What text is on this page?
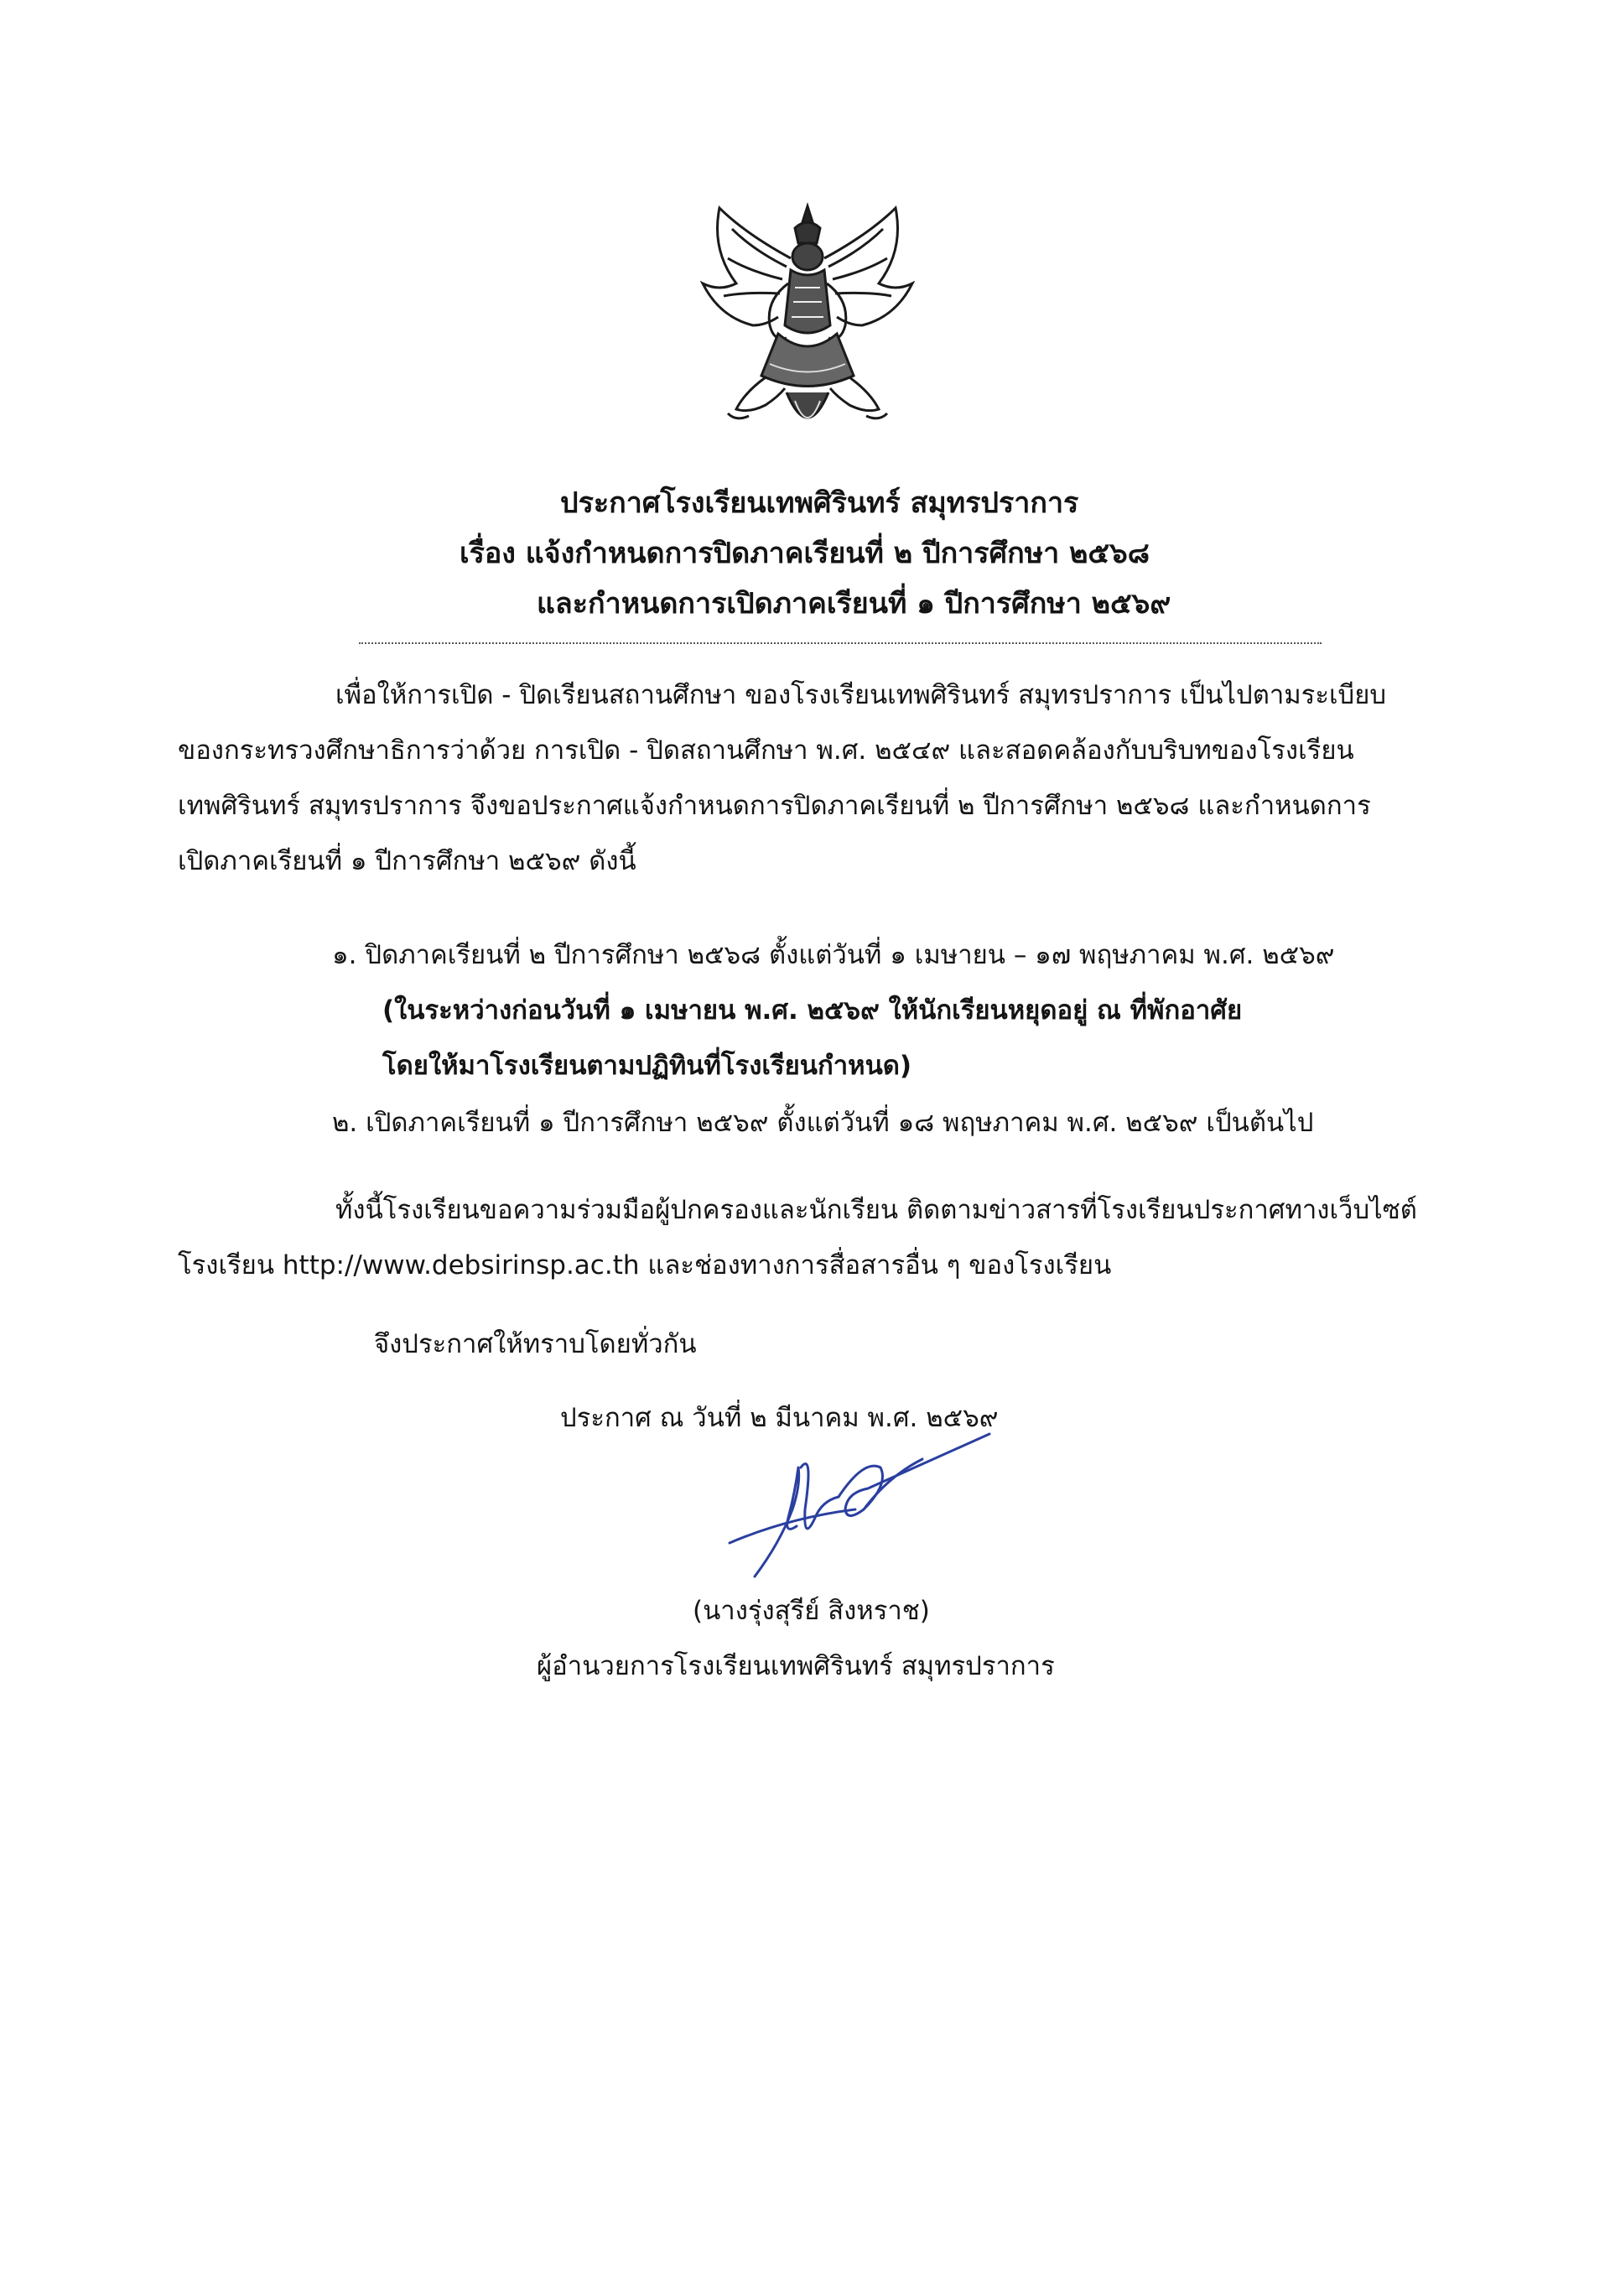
ประกาศโรงเรียนเทพศิรินทร์ สมุทรปราการ
เรื่อง แจ้งกำหนดการปิดภาคเรียนที่ ๒ ปีการศึกษา ๒๕๖๘
และกำหนดการเปิดภาคเรียนที่ ๑ ปีการศึกษา ๒๕๖๙
เพื่อให้การเปิด - ปิดเรียนสถานศึกษา ของโรงเรียนเทพศิรินทร์ สมุทรปราการ เป็นไปตามระเบียบ
ของกระทรวงศึกษาธิการว่าด้วย การเปิด - ปิดสถานศึกษา พ.ศ. ๒๕๔๙ และสอดคล้องกับบริบทของโรงเรียน
เทพศิรินทร์ สมุทรปราการ จึงขอประกาศแจ้งกำหนดการปิดภาคเรียนที่ ๒ ปีการศึกษา ๒๕๖๘ และกำหนดการ
เปิดภาคเรียนที่ ๑ ปีการศึกษา ๒๕๖๙ ดังนี้
๑. ปิดภาคเรียนที่ ๒ ปีการศึกษา ๒๕๖๘ ตั้งแต่วันที่ ๑ เมษายน – ๑๗ พฤษภาคม พ.ศ. ๒๕๖๙
(ในระหว่างก่อนวันที่ ๑ เมษายน พ.ศ. ๒๕๖๙ ให้นักเรียนหยุดอยู่ ณ ที่พักอาศัย
โดยให้มาโรงเรียนตามปฏิทินที่โรงเรียนกำหนด)
๒. เปิดภาคเรียนที่ ๑ ปีการศึกษา ๒๕๖๙ ตั้งแต่วันที่ ๑๘ พฤษภาคม พ.ศ. ๒๕๖๙ เป็นต้นไป
ทั้งนี้โรงเรียนขอความร่วมมือผู้ปกครองและนักเรียน ติดตามข่าวสารที่โรงเรียนประกาศทางเว็บไซต์
โรงเรียน http://www.debsirinsp.ac.th และช่องทางการสื่อสารอื่น ๆ ของโรงเรียน
จึงประกาศให้ทราบโดยทั่วกัน
ประกาศ ณ วันที่ ๒ มีนาคม พ.ศ. ๒๕๖๙
(นางรุ่งสุรีย์ สิงหราช)
ผู้อำนวยการโรงเรียนเทพศิรินทร์ สมุทรปราการ
